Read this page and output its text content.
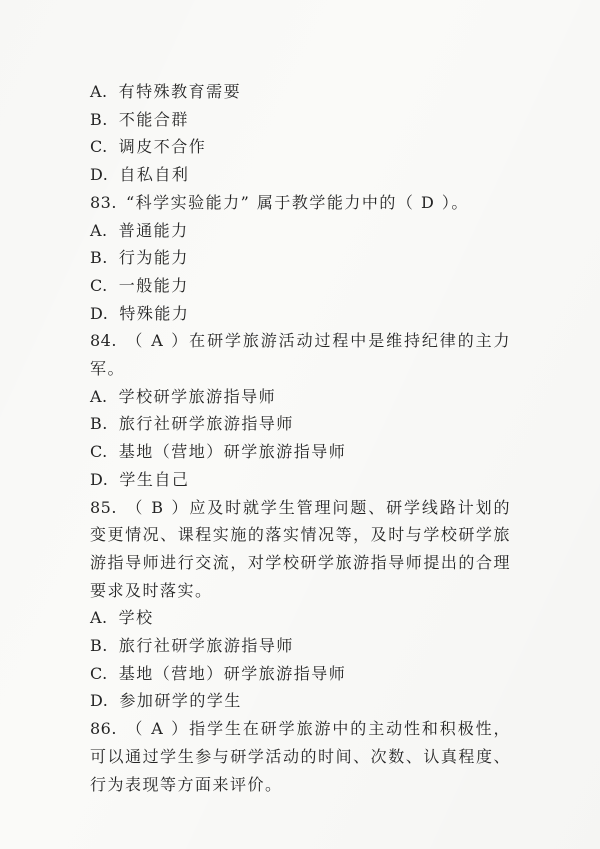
A. 有特殊教育需要

B. 不能合群

C. 调皮不合作

D. 自私自利

83. “科学实验能力” 属于教学能力中的（ D ）。

A. 普通能力

B. 行为能力

C. 一般能力

D. 特殊能力

84. （ A ）在研学旅游活动过程中是维持纪律的主力军。

A. 学校研学旅游指导师

B. 旅行社研学旅游指导师

C. 基地（营地）研学旅游指导师

D. 学生自己

85. （ B ）应及时就学生管理问题、研学线路计划的变更情况、课程实施的落实情况等，及时与学校研学旅游指导师进行交流，对学校研学旅游指导师提出的合理要求及时落实。

A. 学校

B. 旅行社研学旅游指导师

C. 基地（营地）研学旅游指导师

D. 参加研学的学生

86. （ A ）指学生在研学旅游中的主动性和积极性，可以通过学生参与研学活动的时间、次数、认真程度、行为表现等方面来评价。
